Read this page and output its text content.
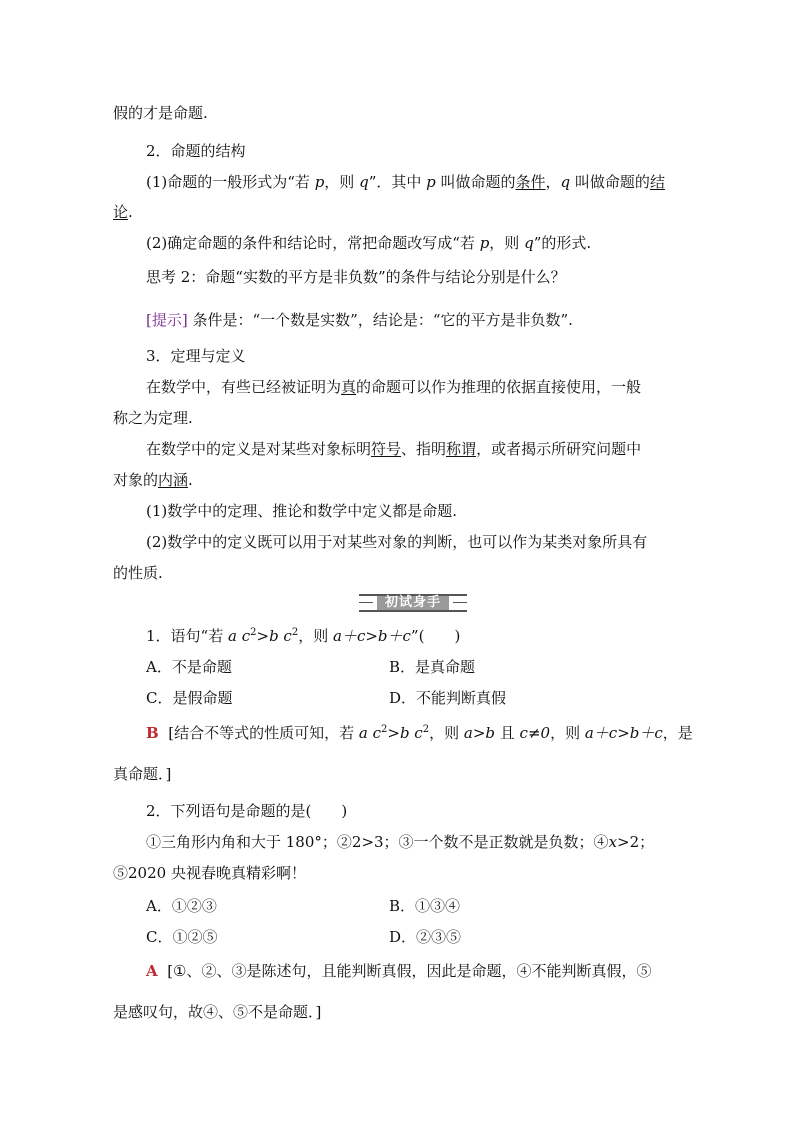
假的才是命题.
2．命题的结构
(1)命题的一般形式为“若 p，则 q”．其中 p 叫做命题的条件，q 叫做命题的结
论.
(2)确定命题的条件和结论时，常把命题改写成“若 p，则 q”的形式.
思考 2：命题“实数的平方是非负数”的条件与结论分别是什么？
[提示] 条件是：“一个数是实数”，结论是：“它的平方是非负数”.
3．定理与定义
在数学中，有些已经被证明为真的命题可以作为推理的依据直接使用，一般
称之为定理.
在数学中的定义是对某些对象标明符号、指明称谓，或者揭示所研究问题中
对象的内涵.
(1)数学中的定理、推论和数学中定义都是命题.
(2)数学中的定义既可以用于对某些对象的判断，也可以作为某类对象所具有
的性质.
初试身手
1．语句“若 a $c^2>b$ $c^2$，则 a＋c>b＋c”(　　)
A．不是命题	B．是真命题
C．是假命题	D．不能判断真假
B [结合不等式的性质可知，若 a $c^2>b$ $c^2$，则 a>b 且 c≠0，则 a＋c>b＋c，是
真命题．]
2．下列语句是命题的是(　　)
①三角形内角和大于 180°；②2>3；③一个数不是正数就是负数；④x>2；
⑤2020 央视春晚真精彩啊！
A．①②③	B．①③④
C．①②⑤	D．②③⑤
A [①、②、③是陈述句，且能判断真假，因此是命题，④不能判断真假，⑤
是感叹句，故④、⑤不是命题．]
